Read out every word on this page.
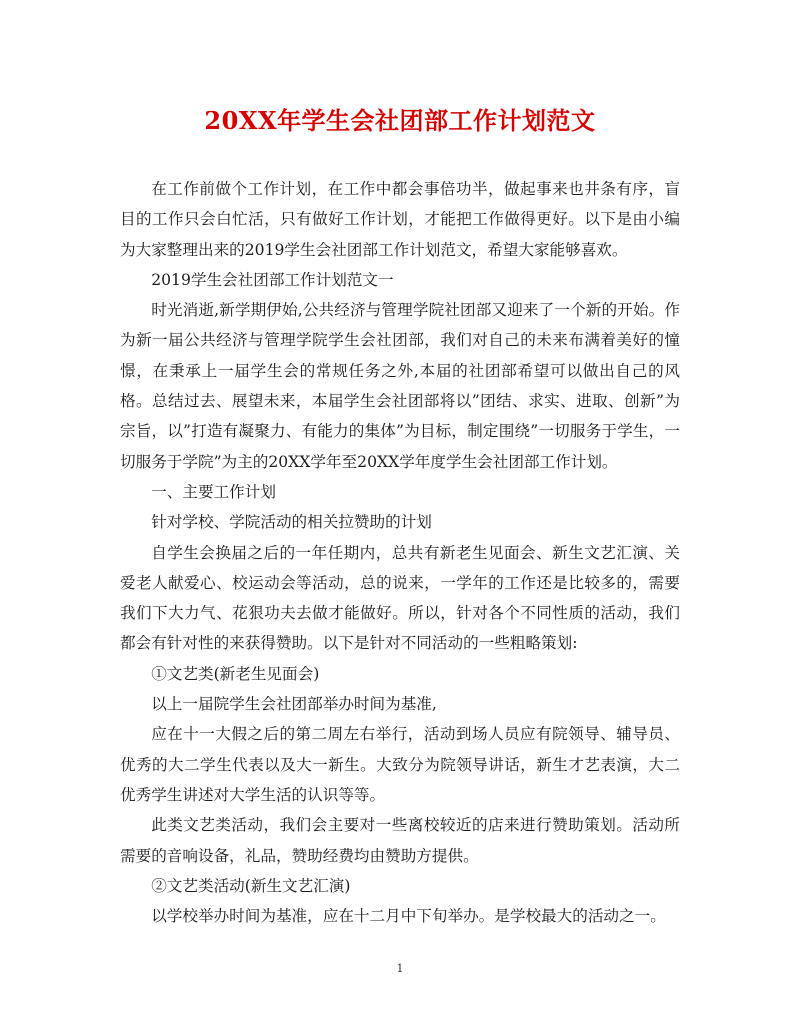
20XX年学生会社团部工作计划范文

在工作前做个工作计划，在工作中都会事倍功半，做起事来也井条有序，盲目的工作只会白忙活，只有做好工作计划，才能把工作做得更好。以下是由小编为大家整理出来的2019学生会社团部工作计划范文，希望大家能够喜欢。

2019学生会社团部工作计划范文一

时光消逝,新学期伊始,公共经济与管理学院社团部又迎来了一个新的开始。作为新一届公共经济与管理学院学生会社团部，我们对自己的未来布满着美好的憧憬，在秉承上一届学生会的常规任务之外,本届的社团部希望可以做出自己的风格。总结过去、展望未来，本届学生会社团部将以”团结、求实、进取、创新”为宗旨，以”打造有凝聚力、有能力的集体”为目标，制定围绕”一切服务于学生，一切服务于学院”为主的20XX学年至20XX学年度学生会社团部工作计划。

一、主要工作计划

针对学校、学院活动的相关拉赞助的计划

自学生会换届之后的一年任期内，总共有新老生见面会、新生文艺汇演、关爱老人献爱心、校运动会等活动，总的说来，一学年的工作还是比较多的，需要我们下大力气、花狠功夫去做才能做好。所以，针对各个不同性质的活动，我们都会有针对性的来获得赞助。以下是针对不同活动的一些粗略策划:

①文艺类(新老生见面会)

以上一届院学生会社团部举办时间为基准,

应在十一大假之后的第二周左右举行，活动到场人员应有院领导、辅导员、优秀的大二学生代表以及大一新生。大致分为院领导讲话，新生才艺表演，大二优秀学生讲述对大学生活的认识等等。

此类文艺类活动，我们会主要对一些离校较近的店来进行赞助策划。活动所需要的音响设备，礼品，赞助经费均由赞助方提供。

②文艺类活动(新生文艺汇演)

以学校举办时间为基准，应在十二月中下旬举办。是学校最大的活动之一。

1
